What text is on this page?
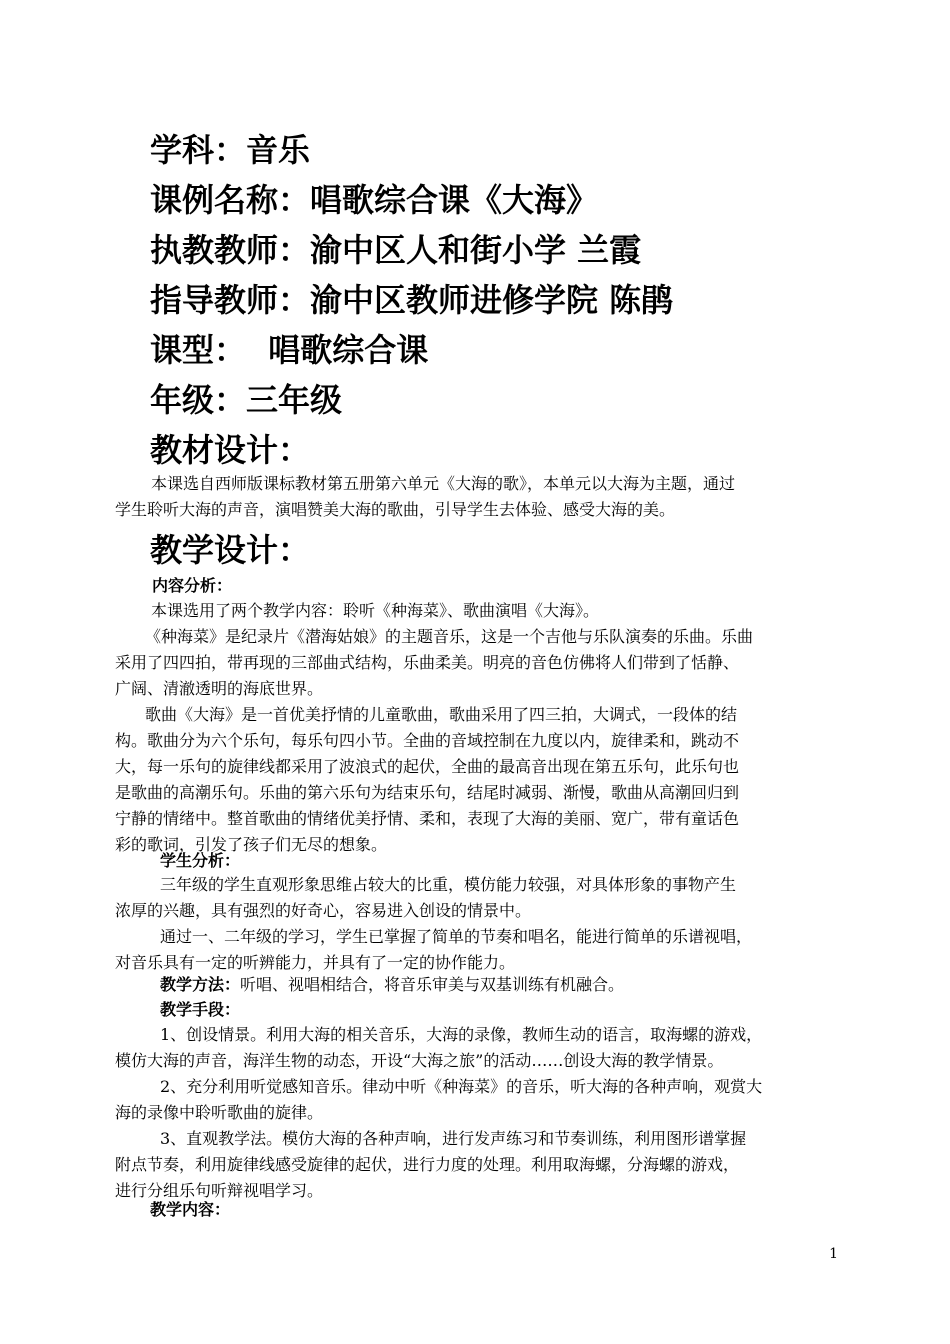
学科：音乐
课例名称：唱歌综合课《大海》
执教教师：渝中区人和街小学 兰霞
指导教师：渝中区教师进修学院 陈鹃
课型：  唱歌综合课
年级：三年级
教材设计：
本课选自西师版课标教材第五册第六单元《大海的歌》，本单元以大海为主题，通过
学生聆听大海的声音，演唱赞美大海的歌曲，引导学生去体验、感受大海的美。
教学设计：
内容分析：
本课选用了两个教学内容：聆听《种海菜》、歌曲演唱《大海》。
《种海菜》是纪录片《潜海姑娘》的主题音乐，这是一个吉他与乐队演奏的乐曲。乐曲
采用了四四拍，带再现的三部曲式结构，乐曲柔美。明亮的音色仿佛将人们带到了恬静、
广阔、清澈透明的海底世界。
歌曲《大海》是一首优美抒情的儿童歌曲，歌曲采用了四三拍，大调式，一段体的结
构。歌曲分为六个乐句，每乐句四小节。全曲的音域控制在九度以内，旋律柔和，跳动不
大，每一乐句的旋律线都采用了波浪式的起伏，全曲的最高音出现在第五乐句，此乐句也
是歌曲的高潮乐句。乐曲的第六乐句为结束乐句，结尾时减弱、渐慢，歌曲从高潮回归到
宁静的情绪中。整首歌曲的情绪优美抒情、柔和，表现了大海的美丽、宽广，带有童话色
彩的歌词，引发了孩子们无尽的想象。
学生分析：
三年级的学生直观形象思维占较大的比重，模仿能力较强，对具体形象的事物产生
浓厚的兴趣，具有强烈的好奇心，容易进入创设的情景中。
通过一、二年级的学习，学生已掌握了简单的节奏和唱名，能进行简单的乐谱视唱，
对音乐具有一定的听辨能力，并具有了一定的协作能力。
教学方法：听唱、视唱相结合，将音乐审美与双基训练有机融合。
教学手段：
1、创设情景。利用大海的相关音乐，大海的录像，教师生动的语言，取海螺的游戏，
模仿大海的声音，海洋生物的动态，开设“大海之旅”的活动……创设大海的教学情景。
2、充分利用听觉感知音乐。律动中听《种海菜》的音乐，听大海的各种声响，观赏大
海的录像中聆听歌曲的旋律。
3、直观教学法。模仿大海的各种声响，进行发声练习和节奏训练，利用图形谱掌握
附点节奏，利用旋律线感受旋律的起伏，进行力度的处理。利用取海螺，分海螺的游戏，
进行分组乐句听辩视唱学习。
教学内容：
1
